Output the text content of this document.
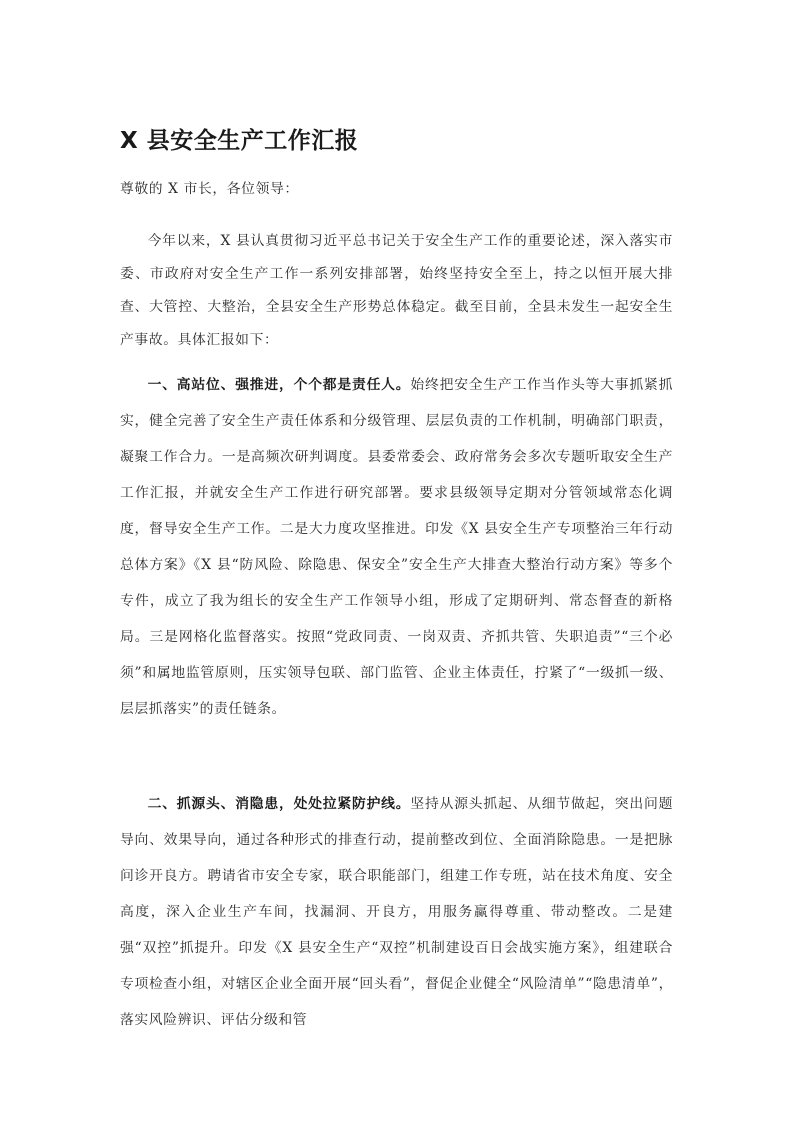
X 县安全生产工作汇报

尊敬的 X 市长，各位领导：

今年以来，X 县认真贯彻习近平总书记关于安全生产工作的重要论述，深入落实市委、市政府对安全生产工作一系列安排部署，始终坚持安全至上，持之以恒开展大排查、大管控、大整治，全县安全生产形势总体稳定。截至目前，全县未发生一起安全生产事故。具体汇报如下：

一、高站位、强推进，个个都是责任人。始终把安全生产工作当作头等大事抓紧抓实，健全完善了安全生产责任体系和分级管理、层层负责的工作机制，明确部门职责，凝聚工作合力。一是高频次研判调度。县委常委会、政府常务会多次专题听取安全生产工作汇报，并就安全生产工作进行研究部署。要求县级领导定期对分管领域常态化调度，督导安全生产工作。二是大力度攻坚推进。印发《X 县安全生产专项整治三年行动总体方案》《X 县“防风险、除隐患、保安全”安全生产大排查大整治行动方案》等多个专件，成立了我为组长的安全生产工作领导小组，形成了定期研判、常态督查的新格局。三是网格化监督落实。按照“党政同责、一岗双责、齐抓共管、失职追责”“三个必须”和属地监管原则，压实领导包联、部门监管、企业主体责任，拧紧了“一级抓一级、层层抓落实”的责任链条。

二、抓源头、消隐患，处处拉紧防护线。坚持从源头抓起、从细节做起，突出问题导向、效果导向，通过各种形式的排查行动，提前整改到位、全面消除隐患。一是把脉问诊开良方。聘请省市安全专家，联合职能部门，组建工作专班，站在技术角度、安全高度，深入企业生产车间，找漏洞、开良方，用服务赢得尊重、带动整改。二是建强“双控”抓提升。印发《X 县安全生产“双控”机制建设百日会战实施方案》，组建联合专项检查小组，对辖区企业全面开展“回头看”，督促企业健全“风险清单”“隐患清单”，落实风险辨识、评估分级和管
